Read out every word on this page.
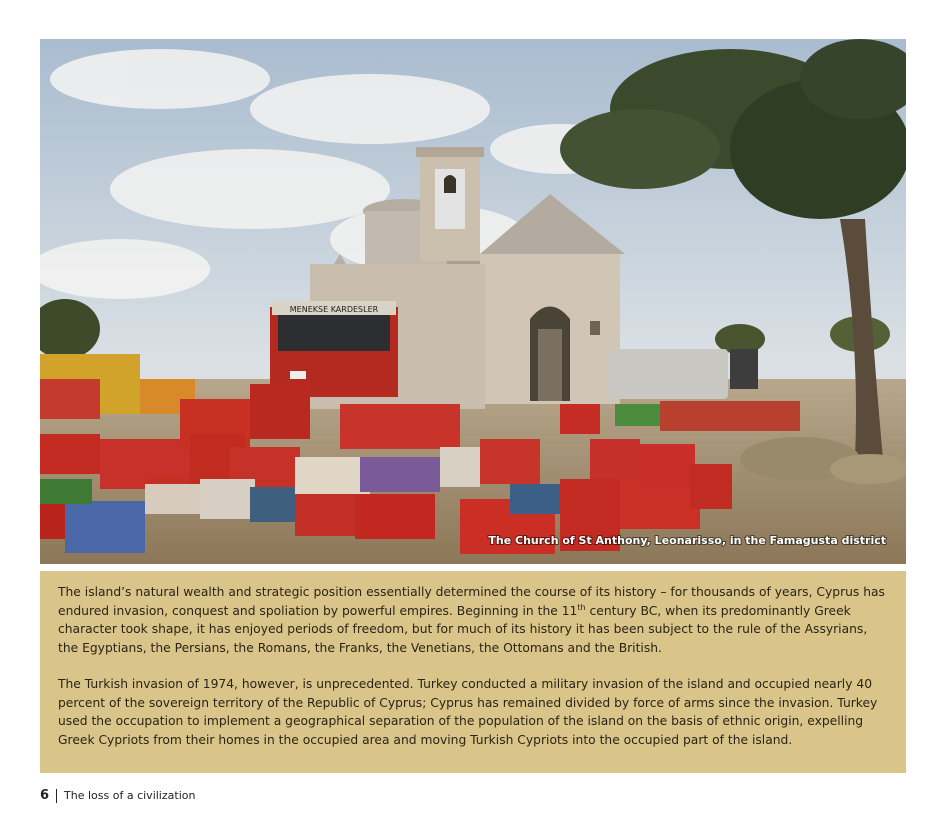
MENEKSE KARDESLER
The Church of St Anthony, Leonarisso, in the Famagusta district

The island’s natural wealth and strategic position essentially determined the course of its history – for thousands of years, Cyprus has endured invasion, conquest and spoliation by powerful empires. Beginning in the 11th century BC, when its predominantly Greek character took shape, it has enjoyed periods of freedom, but for much of its history it has been subject to the rule of the Assyrians, the Egyptians, the Persians, the Romans, the Franks, the Venetians, the Ottomans and the British.

The Turkish invasion of 1974, however, is unprecedented. Turkey conducted a military invasion of the island and occupied nearly 40 percent of the sovereign territory of the Republic of Cyprus; Cyprus has remained divided by force of arms since the invasion. Turkey used the occupation to implement a geographical separation of the population of the island on the basis of ethnic origin, expelling Greek Cypriots from their homes in the occupied area and moving Turkish Cypriots into the occupied part of the island.

6 The loss of a civilization
